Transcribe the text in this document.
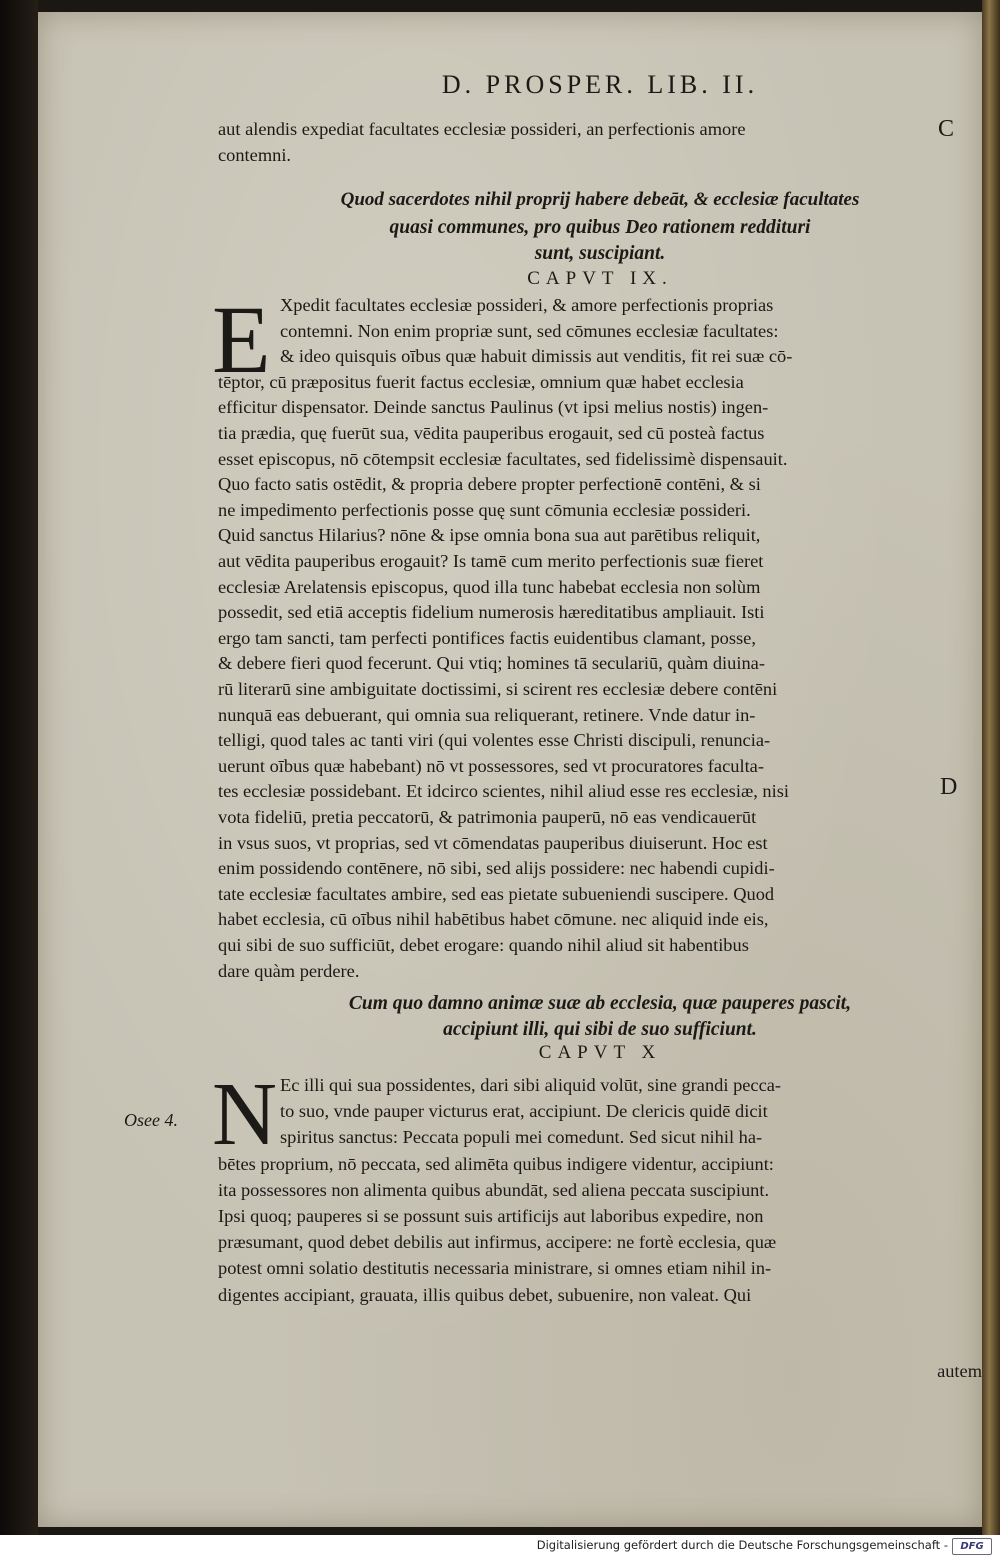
C
D
Osee 4.
D. PROSPER. LIB. II.
aut alendis expediat facultates ecclesiæ possideri, an perfectionis amore
contemni.
Quod sacerdotes nihil proprij habere debeāt, & ecclesiæ facultates
quasi communes, pro quibus Deo rationem reddituri
sunt, suscipiant.
CAPVT IX.
E Xpedit facultates ecclesiæ possideri, & amore perfectionis proprias
contemni. Non enim propriæ sunt, sed cōmunes ecclesiæ facultates:
& ideo quisquis oībus quæ habuit dimissis aut venditis, fit rei suæ cō-
tēptor, cū præpositus fuerit factus ecclesiæ, omnium quæ habet ecclesia
efficitur dispensator. Deinde sanctus Paulinus (vt ipsi melius nostis) ingen-
tia prædia, quę fuerūt sua, vēdita pauperibus erogauit, sed cū posteà factus
esset episcopus, nō cōtempsit ecclesiæ facultates, sed fidelissimè dispensauit.
Quo facto satis ostēdit, & propria debere propter perfectionē contēni, & si
ne impedimento perfectionis posse quę sunt cōmunia ecclesiæ possideri.
Quid sanctus Hilarius? nōne & ipse omnia bona sua aut parētibus reliquit,
aut vēdita pauperibus erogauit? Is tamē cum merito perfectionis suæ fieret
ecclesiæ Arelatensis episcopus, quod illa tunc habebat ecclesia non solùm
possedit, sed etiā acceptis fidelium numerosis hæreditatibus ampliauit. Isti
ergo tam sancti, tam perfecti pontifices factis euidentibus clamant, posse,
& debere fieri quod fecerunt. Qui vtiq; homines tā seculariū, quàm diuina-
rū literarū sine ambiguitate doctissimi, si scirent res ecclesiæ debere contēni
nunquā eas debuerant, qui omnia sua reliquerant, retinere. Vnde datur in-
telligi, quod tales ac tanti viri (qui volentes esse Christi discipuli, renuncia-
uerunt oībus quæ habebant) nō vt possessores, sed vt procuratores faculta-
tes ecclesiæ possidebant. Et idcirco scientes, nihil aliud esse res ecclesiæ, nisi
vota fideliū, pretia peccatorū, & patrimonia pauperū, nō eas vendicauerūt
in vsus suos, vt proprias, sed vt cōmendatas pauperibus diuiserunt. Hoc est
enim possidendo contēnere, nō sibi, sed alijs possidere: nec habendi cupidi-
tate ecclesiæ facultates ambire, sed eas pietate subueniendi suscipere. Quod
habet ecclesia, cū oībus nihil habētibus habet cōmune. nec aliquid inde eis,
qui sibi de suo sufficiūt, debet erogare: quando nihil aliud sit habentibus
dare quàm perdere.
Cum quo damno animæ suæ ab ecclesia, quæ pauperes pascit,
accipiunt illi, qui sibi de suo sufficiunt.
CAPVT X
N Ec illi qui sua possidentes, dari sibi aliquid volūt, sine grandi pecca-
to suo, vnde pauper victurus erat, accipiunt. De clericis quidē dicit
spiritus sanctus: Peccata populi mei comedunt. Sed sicut nihil ha-
bētes proprium, nō peccata, sed alimēta quibus indigere videntur, accipiunt:
ita possessores non alimenta quibus abundāt, sed aliena peccata suscipiunt.
Ipsi quoq; pauperes si se possunt suis artificijs aut laboribus expedire, non
præsumant, quod debet debilis aut infirmus, accipere: ne fortè ecclesia, quæ
potest omni solatio destitutis necessaria ministrare, si omnes etiam nihil in-
digentes accipiant, grauata, illis quibus debet, subuenire, non valeat. Qui
autem
Digitalisierung gefördert durch die Deutsche Forschungsgemeinschaft -	DFG
